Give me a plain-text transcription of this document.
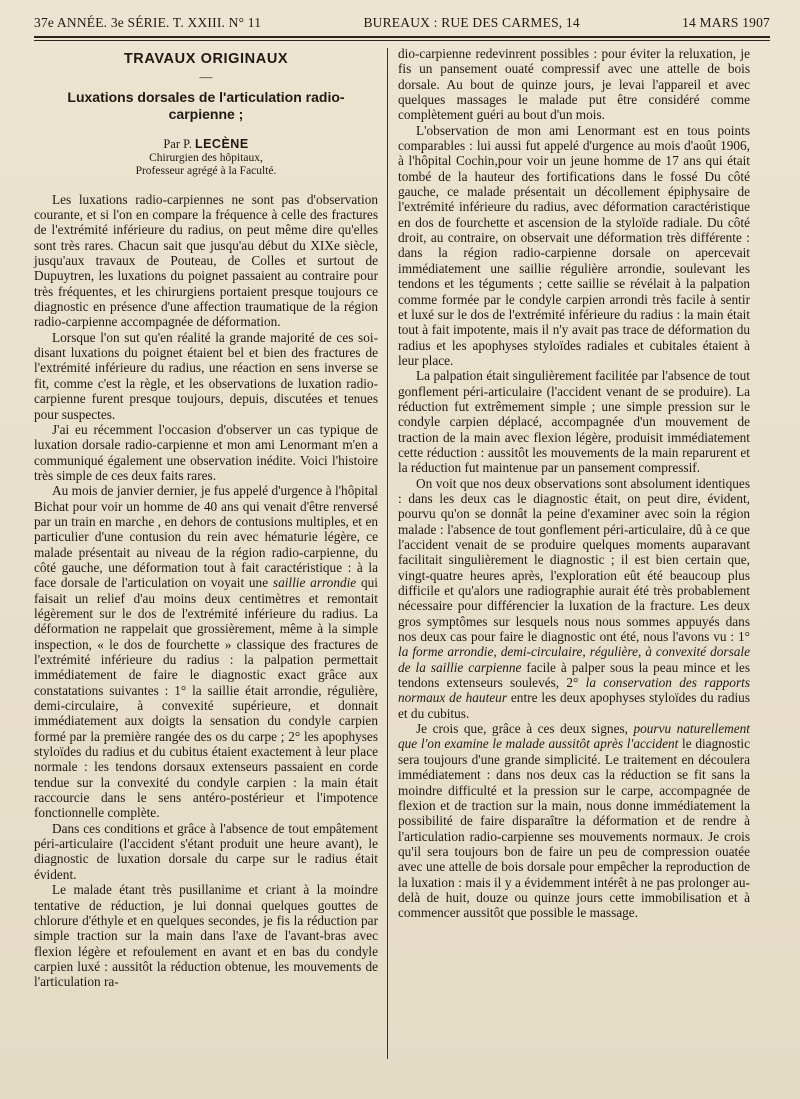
37e ANNÉE. 3e SÉRIE. T. XXIII. N° 11	BUREAUX : RUE DES CARMES, 14	14 MARS 1907
TRAVAUX ORIGINAUX
—
Luxations dorsales de l'articulation radio-carpienne ;
Par P. LECÈNE
Chirurgien des hôpitaux,
Professeur agrégé à la Faculté.

Les luxations radio-carpiennes ne sont pas d'observation courante, et si l'on en compare la fréquence à celle des fractures de l'extrémité inférieure du radius, on peut même dire qu'elles sont très rares. Chacun sait que jusqu'au début du XIXe siècle, jusqu'aux travaux de Pouteau, de Colles et surtout de Dupuytren, les luxations du poignet passaient au contraire pour très fréquentes, et les chirurgiens portaient presque toujours ce diagnostic en présence d'une affection traumatique de la région radio-carpienne accompagnée de déformation.

Lorsque l'on sut qu'en réalité la grande majorité de ces soi-disant luxations du poignet étaient bel et bien des fractures de l'extrémité inférieure du radius, une réaction en sens inverse se fit, comme c'est la règle, et les observations de luxation radio-carpienne furent presque toujours, depuis, discutées et tenues pour suspectes.

J'ai eu récemment l'occasion d'observer un cas typique de luxation dorsale radio-carpienne et mon ami Lenormant m'en a communiqué également une observation inédite. Voici l'histoire très simple de ces deux faits rares.

Au mois de janvier dernier, je fus appelé d'urgence à l'hôpital Bichat pour voir un homme de 40 ans qui venait d'être renversé par un train en marche , en dehors de contusions multiples, et en particulier d'une contusion du rein avec hématurie légère, ce malade présentait au niveau de la région radio-carpienne, du côté gauche, une déformation tout à fait caractéristique : à la face dorsale de l'articulation on voyait une saillie arrondie qui faisait un relief d'au moins deux centimètres et remontait légèrement sur le dos de l'extrémité inférieure du radius. La déformation ne rappelait que grossièrement, même à la simple inspection, « le dos de fourchette » classique des fractures de l'extrémité inférieure du radius : la palpation permettait immédiatement de faire le diagnostic exact grâce aux constatations suivantes : 1° la saillie était arrondie, régulière, demi-circulaire, à convexité supérieure, et donnait immédiatement aux doigts la sensation du condyle carpien formé par la première rangée des os du carpe ; 2° les apophyses styloïdes du radius et du cubitus étaient exactement à leur place normale : les tendons dorsaux extenseurs passaient en corde tendue sur la convexité du condyle carpien : la main était raccourcie dans le sens antéro-postérieur et l'impotence fonctionnelle complète.

Dans ces conditions et grâce à l'absence de tout empâtement péri-articulaire (l'accident s'étant produit une heure avant), le diagnostic de luxation dorsale du carpe sur le radius était évident.

Le malade étant très pusillanime et criant à la moindre tentative de réduction, je lui donnai quelques gouttes de chlorure d'éthyle et en quelques secondes, je fis la réduction par simple traction sur la main dans l'axe de l'avant-bras avec flexion légère et refoulement en avant et en bas du condyle carpien luxé : aussitôt la réduction obtenue, les mouvements de l'articulation ra-

dio-carpienne redevinrent possibles : pour éviter la reluxation, je fis un pansement ouaté compressif avec une attelle de bois dorsale. Au bout de quinze jours, je levai l'appareil et avec quelques massages le malade put être considéré comme complètement guéri au bout d'un mois.

L'observation de mon ami Lenormant est en tous points comparables : lui aussi fut appelé d'urgence au mois d'août 1906, à l'hôpital Cochin,pour voir un jeune homme de 17 ans qui était tombé de la hauteur des fortifications dans le fossé Du côté gauche, ce malade présentait un décollement épiphysaire de l'extrémité inférieure du radius, avec déformation caractéristique en dos de fourchette et ascension de la styloïde radiale. Du côté droit, au contraire, on observait une déformation très différente : dans la région radio-carpienne dorsale on apercevait immédiatement une saillie régulière arrondie, soulevant les tendons et les téguments ; cette saillie se révélait à la palpation comme formée par le condyle carpien arrondi très facile à sentir et luxé sur le dos de l'extrémité inférieure du radius : la main était tout à fait impotente, mais il n'y avait pas trace de déformation du radius et les apophyses styloïdes radiales et cubitales étaient à leur place.

La palpation était singulièrement facilitée par l'absence de tout gonflement péri-articulaire (l'accident venant de se produire). La réduction fut extrêmement simple ; une simple pression sur le condyle carpien déplacé, accompagnée d'un mouvement de traction de la main avec flexion légère, produisit immédiatement cette réduction : aussitôt les mouvements de la main reparurent et la réduction fut maintenue par un pansement compressif.

On voit que nos deux observations sont absolument identiques : dans les deux cas le diagnostic était, on peut dire, évident, pourvu qu'on se donnât la peine d'examiner avec soin la région malade : l'absence de tout gonflement péri-articulaire, dû à ce que l'accident venait de se produire quelques moments auparavant facilitait singulièrement le diagnostic ; il est bien certain que, vingt-quatre heures après, l'exploration eût été beaucoup plus difficile et qu'alors une radiographie aurait été très probablement nécessaire pour différencier la luxation de la fracture. Les deux gros symptômes sur lesquels nous nous sommes appuyés dans nos deux cas pour faire le diagnostic ont été, nous l'avons vu : 1° la forme arrondie, demi-circulaire, régulière, à convexité dorsale de la saillie carpienne facile à palper sous la peau mince et les tendons extenseurs soulevés, 2° la conservation des rapports normaux de hauteur entre les deux apophyses styloïdes du radius et du cubitus.

Je crois que, grâce à ces deux signes, pourvu naturellement que l'on examine le malade aussitôt après l'accident le diagnostic sera toujours d'une grande simplicité. Le traitement en découlera immédiatement : dans nos deux cas la réduction se fit sans la moindre difficulté et la pression sur le carpe, accompagnée de flexion et de traction sur la main, nous donne immédiatement la possibilité de faire disparaître la déformation et de rendre à l'articulation radio-carpienne ses mouvements normaux. Je crois qu'il sera toujours bon de faire un peu de compression ouatée avec une attelle de bois dorsale pour empêcher la reproduction de la luxation : mais il y a évidemment intérêt à ne pas prolonger au-delà de huit, douze ou quinze jours cette immobilisation et à commencer aussitôt que possible le massage.
